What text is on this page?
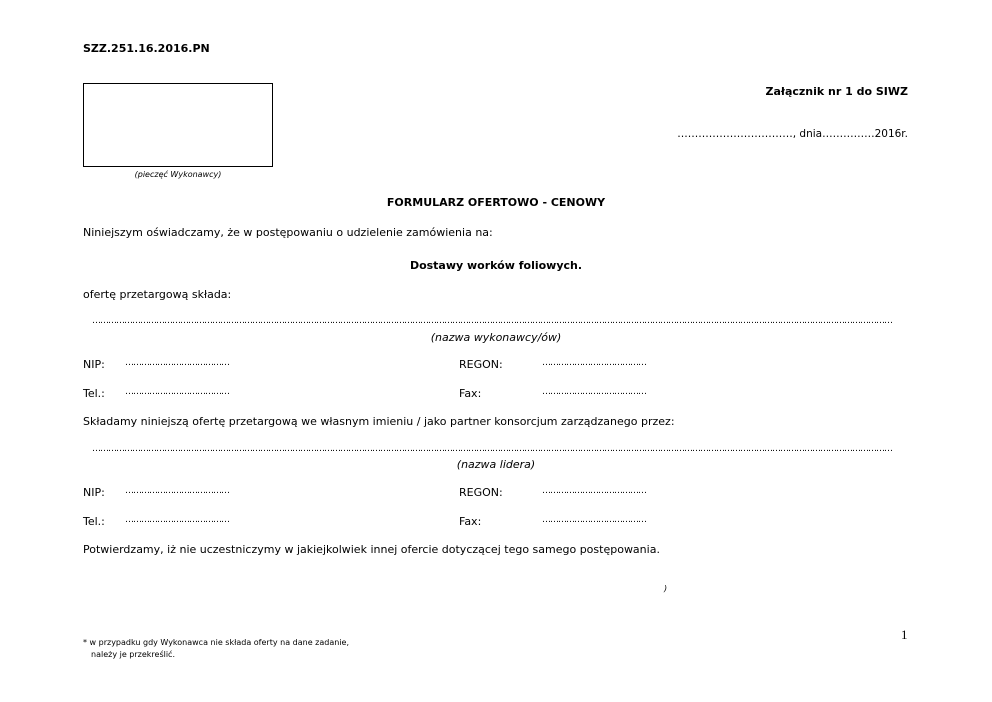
SZZ.251.16.2016.PN
Załącznik nr 1 do SIWZ
(pieczęć Wykonawcy)
……………………………, dnia……………2016r.
FORMULARZ OFERTOWO - CENOWY
Niniejszym oświadczamy, że w postępowaniu o udzielenie zamówienia na:
Dostawy worków foliowych.
ofertę przetargową składa:
…………………………………………………………………………………………………………………………………………………………………………………………………………………………………………………………………………
(nazwa wykonawcy/ów)
NIP: …………………………………	REGON:	…………………………………
Tel.: …………………………………	Fax:	…………………………………
Składamy niniejszą ofertę przetargową we własnym imieniu / jako partner konsorcjum zarządzanego przez:
…………………………………………………………………………………………………………………………………………………………………………………………………………………………………………………………………………
(nazwa lidera)
NIP: …………………………………	REGON:	…………………………………
Tel.: …………………………………	Fax:	…………………………………
Potwierdzamy, iż nie uczestniczymy w jakiejkolwiek innej ofercie dotyczącej tego samego postępowania.
)
* w przypadku gdy Wykonawca nie składa oferty na dane zadanie,
należy je przekreślić.
1
